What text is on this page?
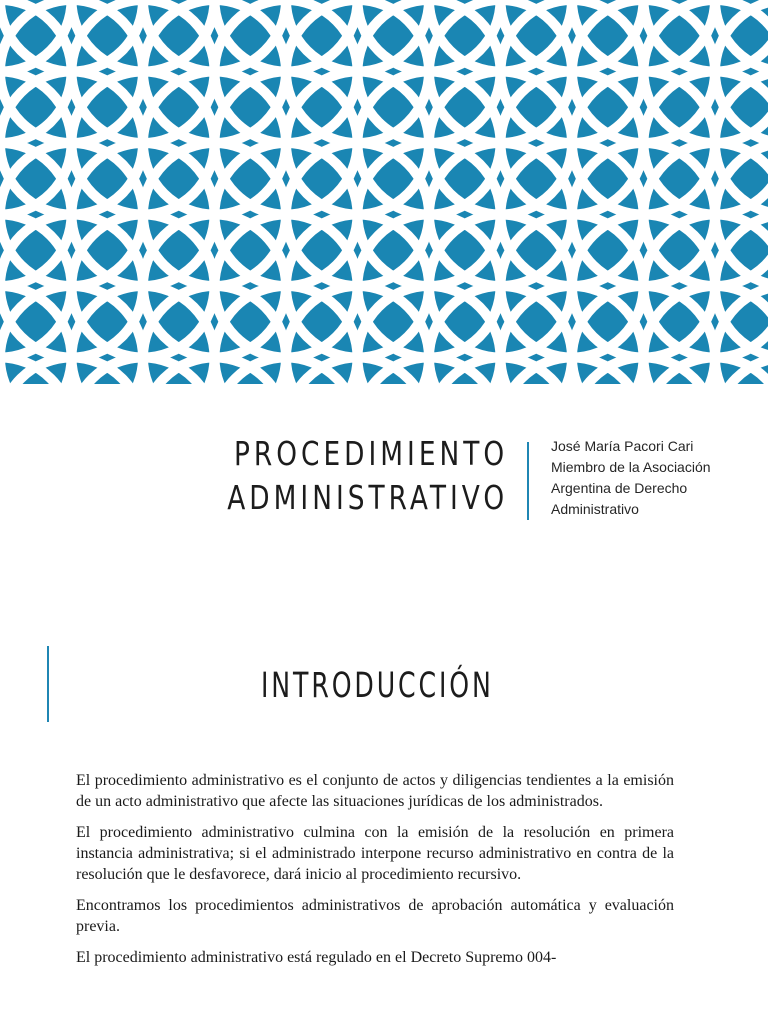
PROCEDIMIENTO
ADMINISTRATIVO
José María Pacori Cari
Miembro de la Asociación
Argentina de Derecho
Administrativo
INTRODUCCIÓN

El procedimiento administrativo es el conjunto de actos y diligencias tendientes a la emisión de un acto administrativo que afecte las situaciones jurídicas de los administrados.

El procedimiento administrativo culmina con la emisión de la resolución en primera instancia administrativa; si el administrado interpone recurso administrativo en contra de la resolución que le desfavorece, dará inicio al procedimiento recursivo.

Encontramos los procedimientos administrativos de aprobación automática y evaluación previa.

El procedimiento administrativo está regulado en el Decreto Supremo 004-
